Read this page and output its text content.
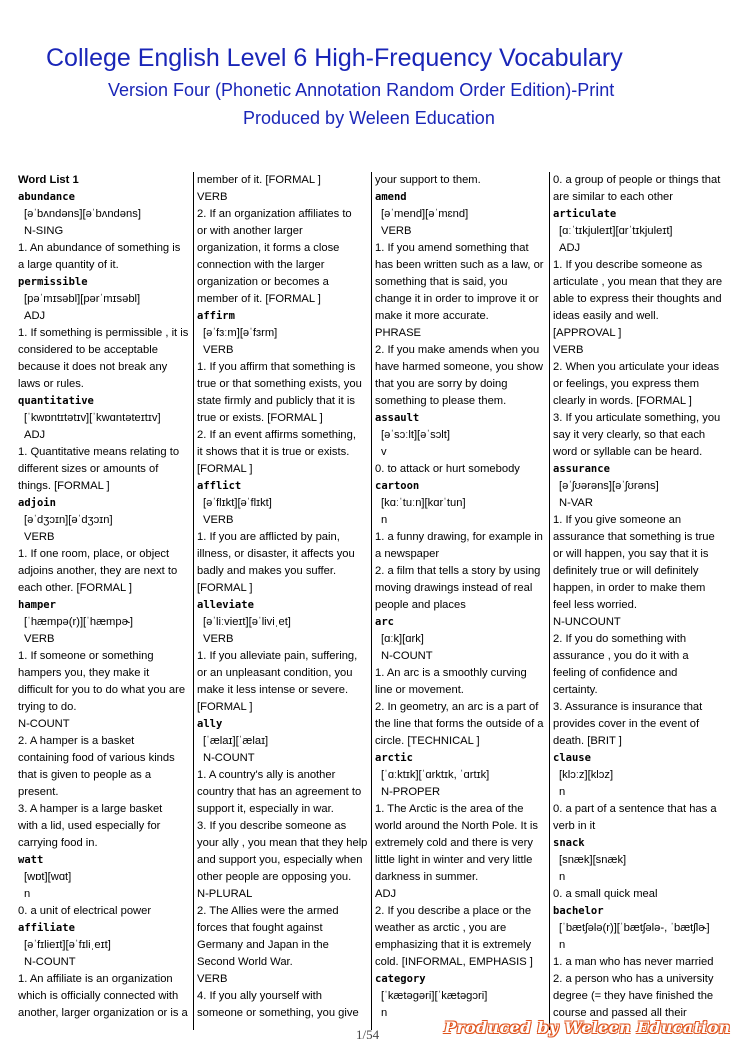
College English Level 6 High-Frequency Vocabulary
Version Four (Phonetic Annotation Random Order Edition)-Print
Produced by Weleen Education
Word List 1
abundance
[əˈbʌndəns][əˈbʌndəns]
N-SING
1. An abundance of something is
a large quantity of it.
permissible
[pəˈmɪsəbl][pərˈmɪsəbl]
ADJ
1. If something is permissible , it is
considered to be acceptable
because it does not break any
laws or rules.
quantitative
[ˈkwɒntɪtətɪv][ˈkwɑntəteɪtɪv]
ADJ
1. Quantitative means relating to
different sizes or amounts of
things. [FORMAL ]
adjoin
[əˈdʒɔɪn][əˈdʒɔɪn]
VERB
1. If one room, place, or object
adjoins another, they are next to
each other. [FORMAL ]
hamper
[ˈhæmpə(r)][ˈhæmpɚ]
VERB
1. If someone or something
hampers you, they make it
difficult for you to do what you are
trying to do.
N-COUNT
2. A hamper is a basket
containing food of various kinds
that is given to people as a
present.
3. A hamper is a large basket
with a lid, used especially for
carrying food in.
watt
[wɒt][wɑt]
n
0. a unit of electrical power
affiliate
[əˈfɪlieɪt][əˈfɪliˌeɪt]
N-COUNT
1. An affiliate is an organization
which is officially connected with
another, larger organization or is a
member of it. [FORMAL ]
VERB
2. If an organization affiliates to
or with another larger
organization, it forms a close
connection with the larger
organization or becomes a
member of it. [FORMAL ]
affirm
[əˈfɜːm][əˈfɜrm]
VERB
1. If you affirm that something is
true or that something exists, you
state firmly and publicly that it is
true or exists. [FORMAL ]
2. If an event affirms something,
it shows that it is true or exists.
[FORMAL ]
afflict
[əˈflɪkt][əˈflɪkt]
VERB
1. If you are afflicted by pain,
illness, or disaster, it affects you
badly and makes you suffer.
[FORMAL ]
alleviate
[əˈliːvieɪt][əˈliviˌet]
VERB
1. If you alleviate pain, suffering,
or an unpleasant condition, you
make it less intense or severe.
[FORMAL ]
ally
[ˈælaɪ][ˈælaɪ]
N-COUNT
1. A country's ally is another
country that has an agreement to
support it, especially in war.
3. If you describe someone as
your ally , you mean that they help
and support you, especially when
other people are opposing you.
N-PLURAL
2. The Allies were the armed
forces that fought against
Germany and Japan in the
Second World War.
VERB
4. If you ally yourself with
someone or something, you give
your support to them.
amend
[əˈmend][əˈmɛnd]
VERB
1. If you amend something that
has been written such as a law, or
something that is said, you
change it in order to improve it or
make it more accurate.
PHRASE
2. If you make amends when you
have harmed someone, you show
that you are sorry by doing
something to please them.
assault
[əˈsɔːlt][əˈsɔlt]
v
0. to attack or hurt somebody
cartoon
[kɑːˈtuːn][kɑrˈtun]
n
1. a funny drawing, for example in
a newspaper
2. a film that tells a story by using
moving drawings instead of real
people and places
arc
[ɑːk][ɑrk]
N-COUNT
1. An arc is a smoothly curving
line or movement.
2. In geometry, an arc is a part of
the line that forms the outside of a
circle. [TECHNICAL ]
arctic
[ˈɑːktɪk][ˈɑrktɪk, ˈɑrtɪk]
N-PROPER
1. The Arctic is the area of the
world around the North Pole. It is
extremely cold and there is very
little light in winter and very little
darkness in summer.
ADJ
2. If you describe a place or the
weather as arctic , you are
emphasizing that it is extremely
cold. [INFORMAL, EMPHASIS ]
category
[ˈkætəgəri][ˈkætəgɔri]
n
0. a group of people or things that
are similar to each other
articulate
[ɑːˈtɪkjuleɪt][ɑrˈtɪkjuleɪt]
ADJ
1. If you describe someone as
articulate , you mean that they are
able to express their thoughts and
ideas easily and well.
[APPROVAL ]
VERB
2. When you articulate your ideas
or feelings, you express them
clearly in words. [FORMAL ]
3. If you articulate something, you
say it very clearly, so that each
word or syllable can be heard.
assurance
[əˈʃʊərəns][əˈʃʊrəns]
N-VAR
1. If you give someone an
assurance that something is true
or will happen, you say that it is
definitely true or will definitely
happen, in order to make them
feel less worried.
N-UNCOUNT
2. If you do something with
assurance , you do it with a
feeling of confidence and
certainty.
3. Assurance is insurance that
provides cover in the event of
death. [BRIT ]
clause
[klɔːz][klɔz]
n
0. a part of a sentence that has a
verb in it
snack
[snæk][snæk]
n
0. a small quick meal
bachelor
[ˈbætʃələ(r)][ˈbætʃələ-, ˈbætʃlɚ]
n
1. a man who has never married
2. a person who has a university
degree (= they have finished the
course and passed all their
1/54	Produced by Weleen Education
